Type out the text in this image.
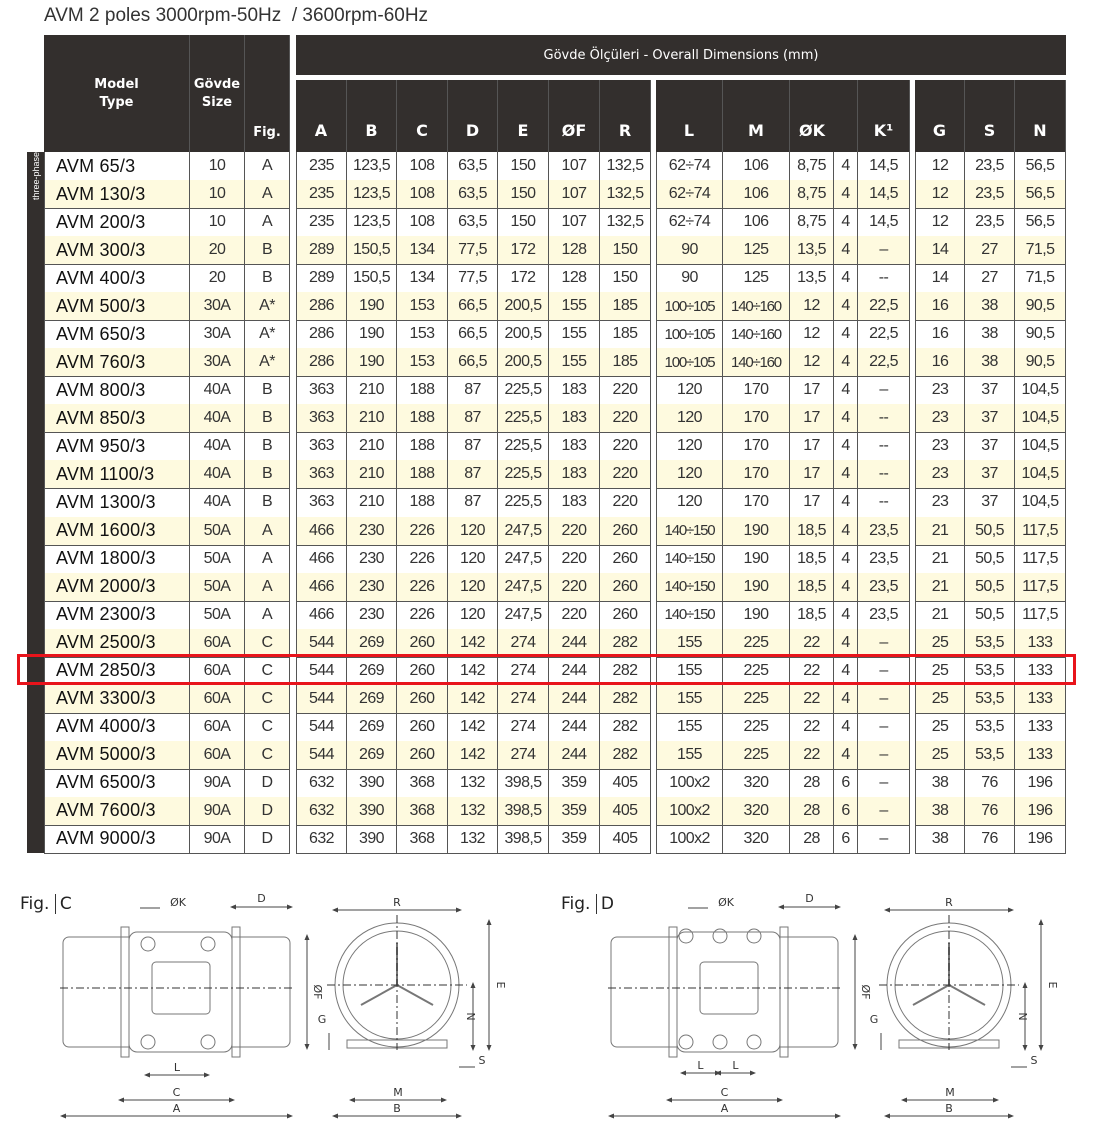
AVM 2 poles 3000rpm-50Hz  / 3600rpm-60Hz
Model
Type
Gövde
Size
Fig.
Gövde Ölçüleri - Overall Dimensions (mm)
A	B	C	D	E	ØF	R	L	M	ØK	K¹	G	S	N
AVM 65/3	10	A	235	123,5	108	63,5	150	107	132,5	62÷74	106	8,75 4	14,5	12	23,5	56,5
AVM 130/3	10	A	235	123,5	108	63,5	150	107	132,5	62÷74	106	8,75 4	14,5	12	23,5	56,5
AVM 200/3	10	A	235	123,5	108	63,5	150	107	132,5	62÷74	106	8,75 4	14,5	12	23,5	56,5
AVM 300/3	20	B	289	150,5	134	77,5	172	128	150	90	125	13,5 4	–	14	27	71,5
AVM 400/3	20	B	289	150,5	134	77,5	172	128	150	90	125	13,5 4	--	14	27	71,5
AVM 500/3	30A	A*	286	190	153	66,5	200,5	155	185	100÷105	140÷160	12	4	22,5	16	38	90,5
AVM 650/3	30A	A*	286	190	153	66,5	200,5	155	185	100÷105	140÷160	12	4	22,5	16	38	90,5
AVM 760/3	30A	A*	286	190	153	66,5	200,5	155	185	100÷105	140÷160	12	4	22,5	16	38	90,5
AVM 800/3	40A	B	363	210	188	87	225,5	183	220	120	170	17	4	–	23	37	104,5
AVM 850/3	40A	B	363	210	188	87	225,5	183	220	120	170	17	4	--	23	37	104,5
AVM 950/3	40A	B	363	210	188	87	225,5	183	220	120	170	17	4	--	23	37	104,5
AVM 1100/3	40A	B	363	210	188	87	225,5	183	220	120	170	17	4	--	23	37	104,5
AVM 1300/3	40A	B	363	210	188	87	225,5	183	220	120	170	17	4	--	23	37	104,5
AVM 1600/3	50A	A	466	230	226	120	247,5	220	260	140÷150	190	18,5 4	23,5	21	50,5	117,5
AVM 1800/3	50A	A	466	230	226	120	247,5	220	260	140÷150	190	18,5 4	23,5	21	50,5	117,5
AVM 2000/3	50A	A	466	230	226	120	247,5	220	260	140÷150	190	18,5 4	23,5	21	50,5	117,5
AVM 2300/3	50A	A	466	230	226	120	247,5	220	260	140÷150	190	18,5 4	23,5	21	50,5	117,5
AVM 2500/3	60A	C	544	269	260	142	274	244	282	155	225	22	4	–	25	53,5	133
AVM 2850/3	60A	C	544	269	260	142	274	244	282	155	225	22	4	–	25	53,5	133
AVM 3300/3	60A	C	544	269	260	142	274	244	282	155	225	22	4	–	25	53,5	133
AVM 4000/3	60A	C	544	269	260	142	274	244	282	155	225	22	4	–	25	53,5	133
AVM 5000/3	60A	C	544	269	260	142	274	244	282	155	225	22	4	–	25	53,5	133
AVM 6500/3	90A	D	632	390	368	132	398,5	359	405	100x2	320	28	6	–	38	76	196
AVM 7600/3	90A	D	632	390	368	132	398,5	359	405	100x2	320	28	6	–	38	76	196
AVM 9000/3	90A	D	632	390	368	132	398,5	359	405	100x2	320	28	6	–	38	76	196
three-phase
Fig. C	Fig. D
A
C
L
D
ØK
ØF
R
B
M
E
N
G
S
A
C
L	L
D
ØK
ØF
R
B
M
E
N
G
S
